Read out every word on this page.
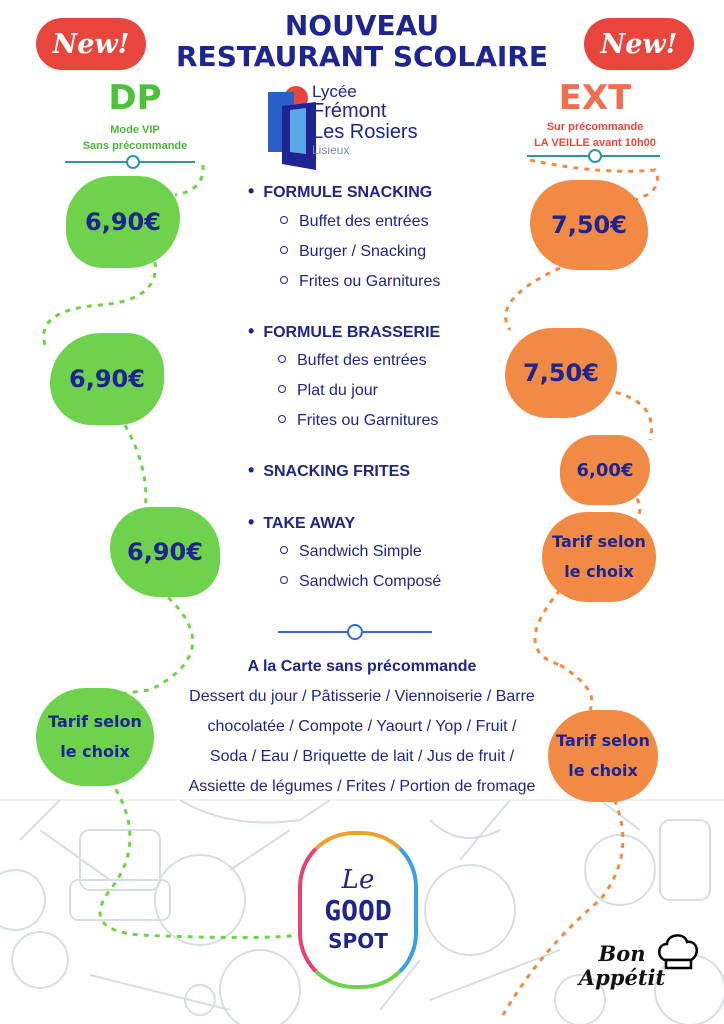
NOUVEAU
RESTAURANT SCOLAIRE
New!	New!
DP
Mode VIP
Sans précommande
EXT
Sur précommande
LA VEILLE avant 10h00
Lycée
Frémont
Les Rosiers
Lisieux
6,90€
6,90€
6,90€
Tarif selon
le choix
7,50€
7,50€
6,00€
Tarif selon
le choix
Tarif selon
le choix
• FORMULE SNACKING
Buffet des entrées
Burger / Snacking
Frites ou Garnitures
• FORMULE BRASSERIE
Buffet des entrées
Plat du jour
Frites ou Garnitures
• SNACKING FRITES
• TAKE AWAY
Sandwich Simple
Sandwich Composé
A la Carte sans précommande
Dessert du jour / Pâtisserie / Viennoiserie / Barre
chocolatée / Compote / Yaourt / Yop / Fruit /
Soda / Eau / Briquette de lait / Jus de fruit /
Assiette de légumes / Frites / Portion de fromage
Le
GOOD
SPOT	Bon
Appétit
